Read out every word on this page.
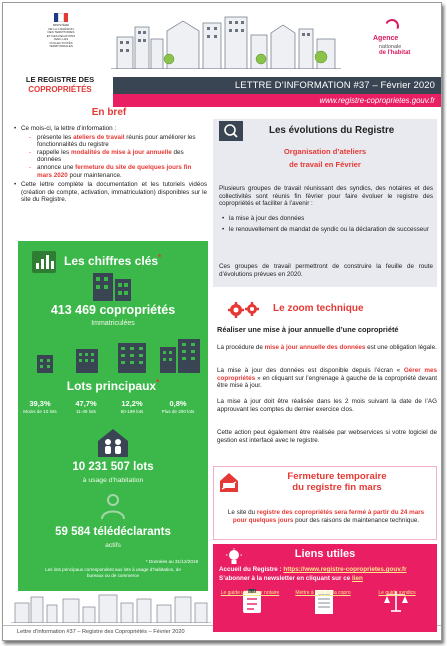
MINISTÈRE

DE LA COHÉSION

DES TERRITOIRES

ET DES RELATIONS

AVEC LES

COLLECTIVITÉS

TERRITORIALES

Agence
nationale
de l'habitat
LE REGISTRE DES
COPROPRIÉTÉS	LETTRE D’INFORMATION #37 – Février 2020
www.registre-coproprietes.gouv.fr
En bref
• Ce mois-ci, la lettre d’information :
- présente les ateliers de travail réunis pour améliorer les fonctionnalités du registre
- rappelle les modalités de mise à jour annuelle des données
- annonce une fermeture du site de quelques jours fin mars 2020 pour maintenance.
• Cette lettre complète la documentation et les tutoriels vidéos (création de compte, activation, immatriculation) disponibles sur le site du Registre.
Les chiffres clés*
413 469 copropriétés
Immatriculées
Lots principaux*
39,3%	47,7%	12,2%	0,8%
Moins de 10 lots	11-49 lots	50-199 lots	Plus de 200 lots
10 231 507 lots
à usage d'habitation
59 584 télédéclarants
actifs
* Données au 31/12/2019
Les lots principaux correspondent aux lots à usage d’habitation, de bureaux ou de commerce
Lettre d’information #37 – Registre des Copropriétés – Février 2020
Les évolutions du Registre
Organisation d’ateliers
de travail en Février
Plusieurs groupes de travail réunissant des syndics, des notaires et des collectivités sont réunis fin février pour faire évoluer le registre des copropriétés et faciliter à l’avenir :
• la mise à jour des données
• le renouvellement de mandat de syndic ou la déclaration de successeur
Ces groupes de travail permettront de construire la feuille de route d’évolutions prévues en 2020.
Le zoom technique
Réaliser une mise à jour annuelle d’une copropriété
La procédure de mise à jour annuelle des données est une obligation légale.
La mise à jour des données est disponible depuis l’écran « Gérer mes copropriétés » en cliquant sur l’engrenage à gauche de la copropriété devant être mise à jour.
La mise à jour doit être réalisée dans les 2 mois suivant la date de l’AG approuvant les comptes du dernier exercice clos.
Cette action peut également être réalisée par webservices si votre logiciel de gestion est interfacé avec le registre.
Fermeture temporaire
du registre fin mars
Le site du registre des copropriétés sera fermé à partir du 24 mars pour quelques jours pour des raisons de maintenance technique.
Liens utiles
Accueil du Registre : https://www.registre-coproprietes.gouv.fr
S’abonner à la newsletter en cliquant sur ce lien
Le guide utilisateur notaire	Mettre à l’ère de la copro	Le guide syndics
